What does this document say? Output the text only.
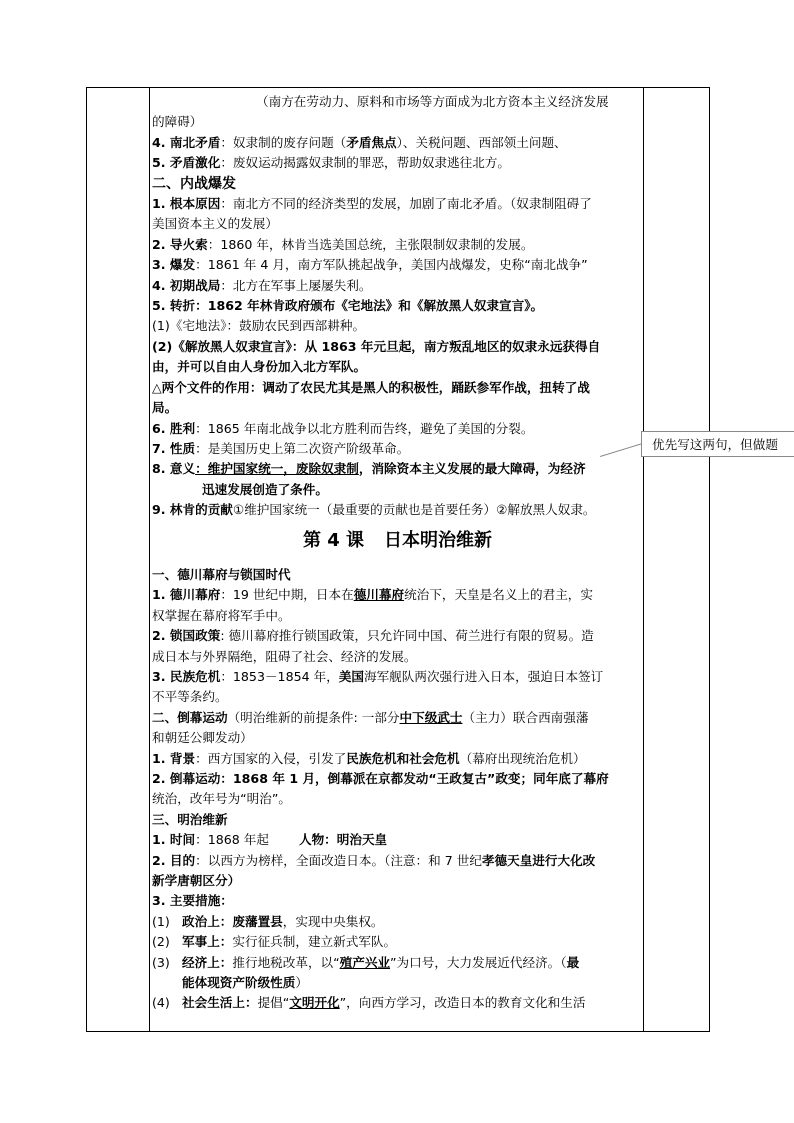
（南方在劳动力、原料和市场等方面成为北方资本主义经济发展

的障碍）

4. 南北矛盾：奴隶制的废存问题（矛盾焦点）、关税问题、西部领土问题、

5. 矛盾激化：废奴运动揭露奴隶制的罪恶，帮助奴隶逃往北方。

二、内战爆发

1. 根本原因：南北方不同的经济类型的发展，加剧了南北矛盾。（奴隶制阻碍了

美国资本主义的发展）

2. 导火索：1860 年，林肯当选美国总统，主张限制奴隶制的发展。

3. 爆发：1861 年 4 月，南方军队挑起战争，美国内战爆发，史称“南北战争”

4. 初期战局：北方在军事上屡屡失利。

5. 转折：1862 年林肯政府颁布《宅地法》和《解放黑人奴隶宣言》。

(1)《宅地法》：鼓励农民到西部耕种。

(2)《解放黑人奴隶宣言》：从 1863 年元旦起，南方叛乱地区的奴隶永远获得自

由，并可以自由人身份加入北方军队。

△两个文件的作用：调动了农民尤其是黑人的积极性，踊跃参军作战，扭转了战

局。

6. 胜利：1865 年南北战争以北方胜利而告终，避免了美国的分裂。

7. 性质：是美国历史上第二次资产阶级革命。

8. 意义：维护国家统一，废除奴隶制，消除资本主义发展的最大障碍，为经济

迅速发展创造了条件。

9. 林肯的贡献①维护国家统一（最重要的贡献也是首要任务）②解放黑人奴隶。

第 4 课 日本明治维新

一、德川幕府与锁国时代

1. 德川幕府：19 世纪中期，日本在德川幕府统治下，天皇是名义上的君主，实

权掌握在幕府将军手中。

2. 锁国政策: 德川幕府推行锁国政策，只允许同中国、荷兰进行有限的贸易。造

成日本与外界隔绝，阻碍了社会、经济的发展。

3. 民族危机：1853－1854 年，美国海军舰队两次强行进入日本，强迫日本签订

不平等条约。

二、倒幕运动（明治维新的前提条件: 一部分中下级武士（主力）联合西南强藩

和朝廷公卿发动）

1. 背景：西方国家的入侵，引发了民族危机和社会危机（幕府出现统治危机）

2. 倒幕运动：1868 年 1 月，倒幕派在京都发动“王政复古”政变；同年底了幕府

统治，改年号为“明治”。

三、明治维新

1. 时间：1868 年起 人物：明治天皇

2. 目的：以西方为榜样，全面改造日本。（注意：和 7 世纪孝德天皇进行大化改

新学唐朝区分）

3. 主要措施：

(1) 政治上：废藩置县，实现中央集权。

(2) 军事上：实行征兵制，建立新式军队。

(3) 经济上：推行地税改革，以“殖产兴业”为口号，大力发展近代经济。（最

能体现资产阶级性质）

(4) 社会生活上：提倡“文明开化”，向西方学习，改造日本的教育文化和生活

优先写这两句，但做题
